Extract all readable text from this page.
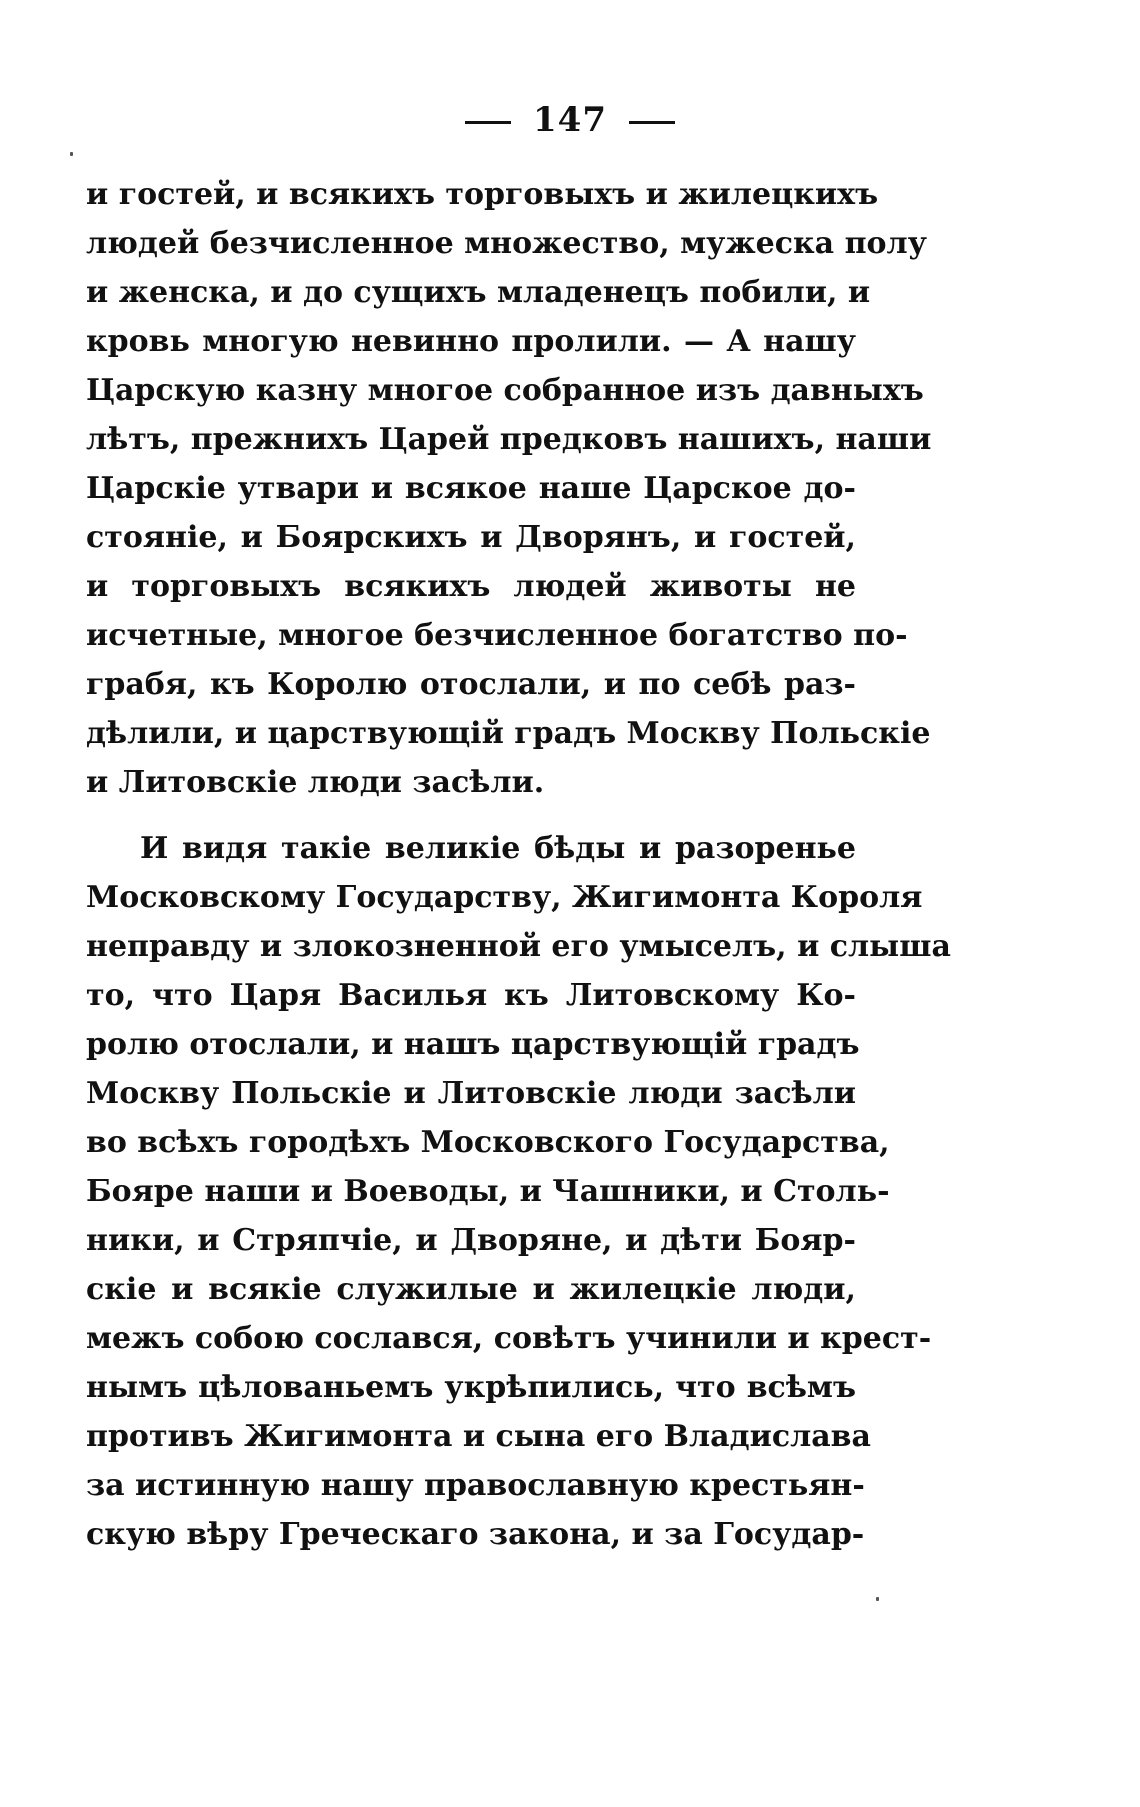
147
и гостей, и всякихъ торговыхъ и жилецкихъ
людей безчисленное множество, мужеска полу
и женска, и до сущихъ младенецъ побили, и
кровь многую невинно пролили. — А нашу
Царскую казну многое собранное изъ давныхъ
лѣтъ, прежнихъ Царей предковъ нашихъ, наши
Царскіе утвари и всякое наше Царское до-
стояніе, и Боярскихъ и Дворянъ, и гостей,
и торговыхъ всякихъ людей животы не
исчетныe, многое безчисленное богатство по-
грабя, къ Королю отослали, и по себѣ раз-
дѣлили, и царствующій градъ Москву Польскіе
и Литовскіе люди засѣли.
И видя такіе великіе бѣды и разоренье
Московскому Государству, Жигимонта Короля
неправду и злокозненной его умыселъ, и слыша
то, что Царя Василья къ Литовскому Ко-
ролю отослали, и нашъ царствующій градъ
Москву Польскіе и Литовскіе люди засѣли
во всѣхъ городѣхъ Московского Государства,
Бояре наши и Воеводы, и Чашники, и Столь-
ники, и Стряпчіе, и Дворяне, и дѣти Бояр-
скіе и всякіе служилые и жилецкіе люди,
межъ собою сослався, совѣтъ учинили и крест-
нымъ цѣлованьемъ укрѣпились, что всѣмъ
противъ Жигимонта и сына его Владислава
за истинную нашу православную крестьян-
скую вѣру Греческаго закона, и за Государ-
